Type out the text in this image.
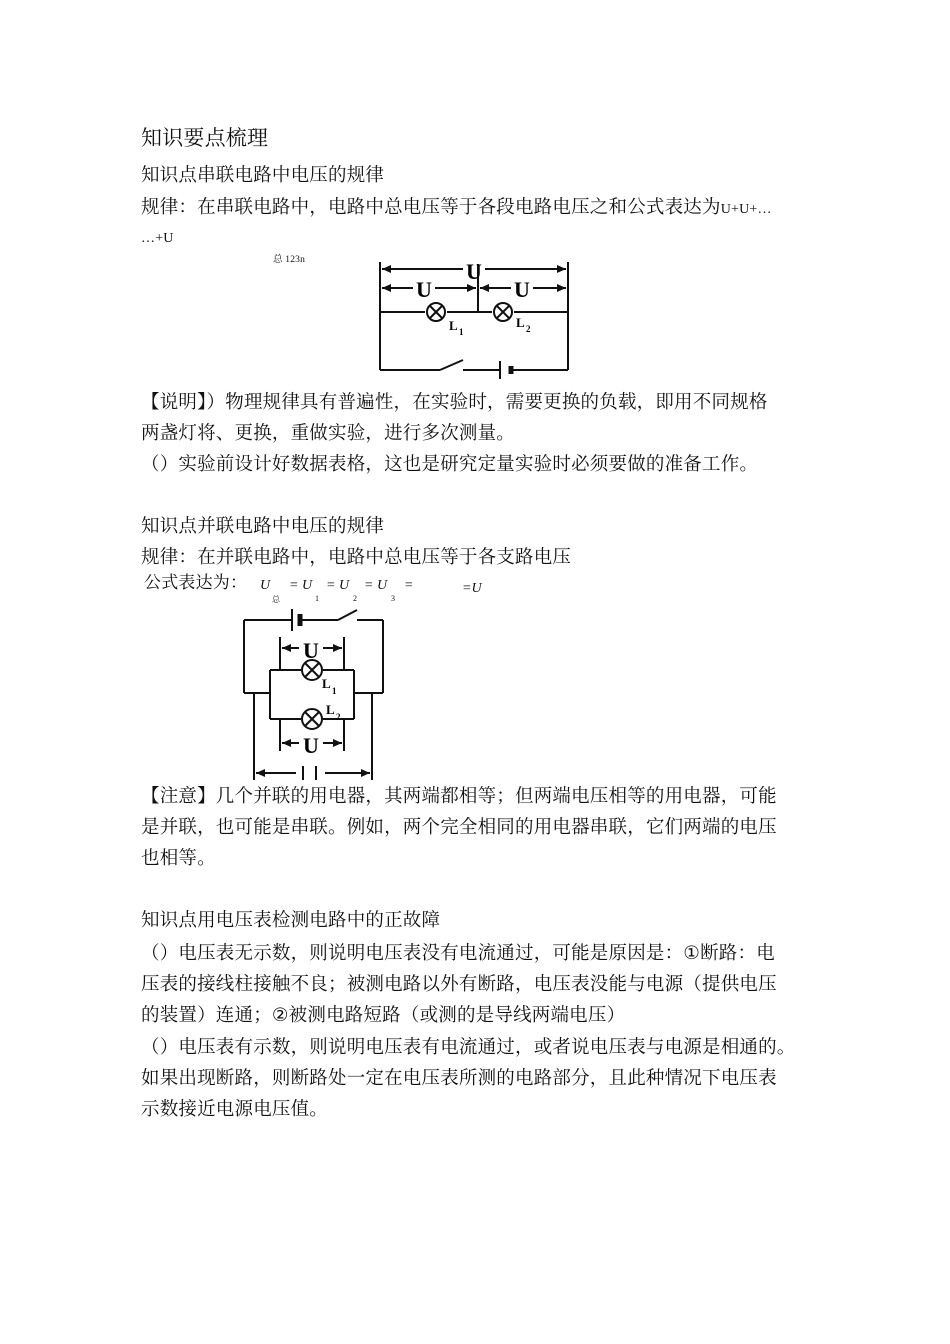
知识要点梳理
知识点串联电路中电压的规律
规律：在串联电路中，电路中总电压等于各段电路电压之和公式表达为U+U+…
…+U
总 123n	U
U	U
L 1
L 2
【说明】）物理规律具有普遍性，在实验时，需要更换的负载，即用不同规格
两盏灯将、更换，重做实验，进行多次测量。
（）实验前设计好数据表格，这也是研究定量实验时必须要做的准备工作。
知识点并联电路中电压的规律
规律：在并联电路中，电路中总电压等于各支路电压
公式表达为： U
总
= U
1
= U
2
= U
3
=	=U
U
U
L 1
L 2
【注意】几个并联的用电器，其两端都相等；但两端电压相等的用电器，可能
是并联，也可能是串联。例如，两个完全相同的用电器串联，它们两端的电压
也相等。
知识点用电压表检测电路中的正故障
（）电压表无示数，则说明电压表没有电流通过，可能是原因是：①断路：电
压表的接线柱接触不良；被测电路以外有断路，电压表没能与电源（提供电压
的装置）连通；②被测电路短路（或测的是导线两端电压）
（）电压表有示数，则说明电压表有电流通过，或者说电压表与电源是相通的。
如果出现断路，则断路处一定在电压表所测的电路部分，且此种情况下电压表
示数接近电源电压值。
